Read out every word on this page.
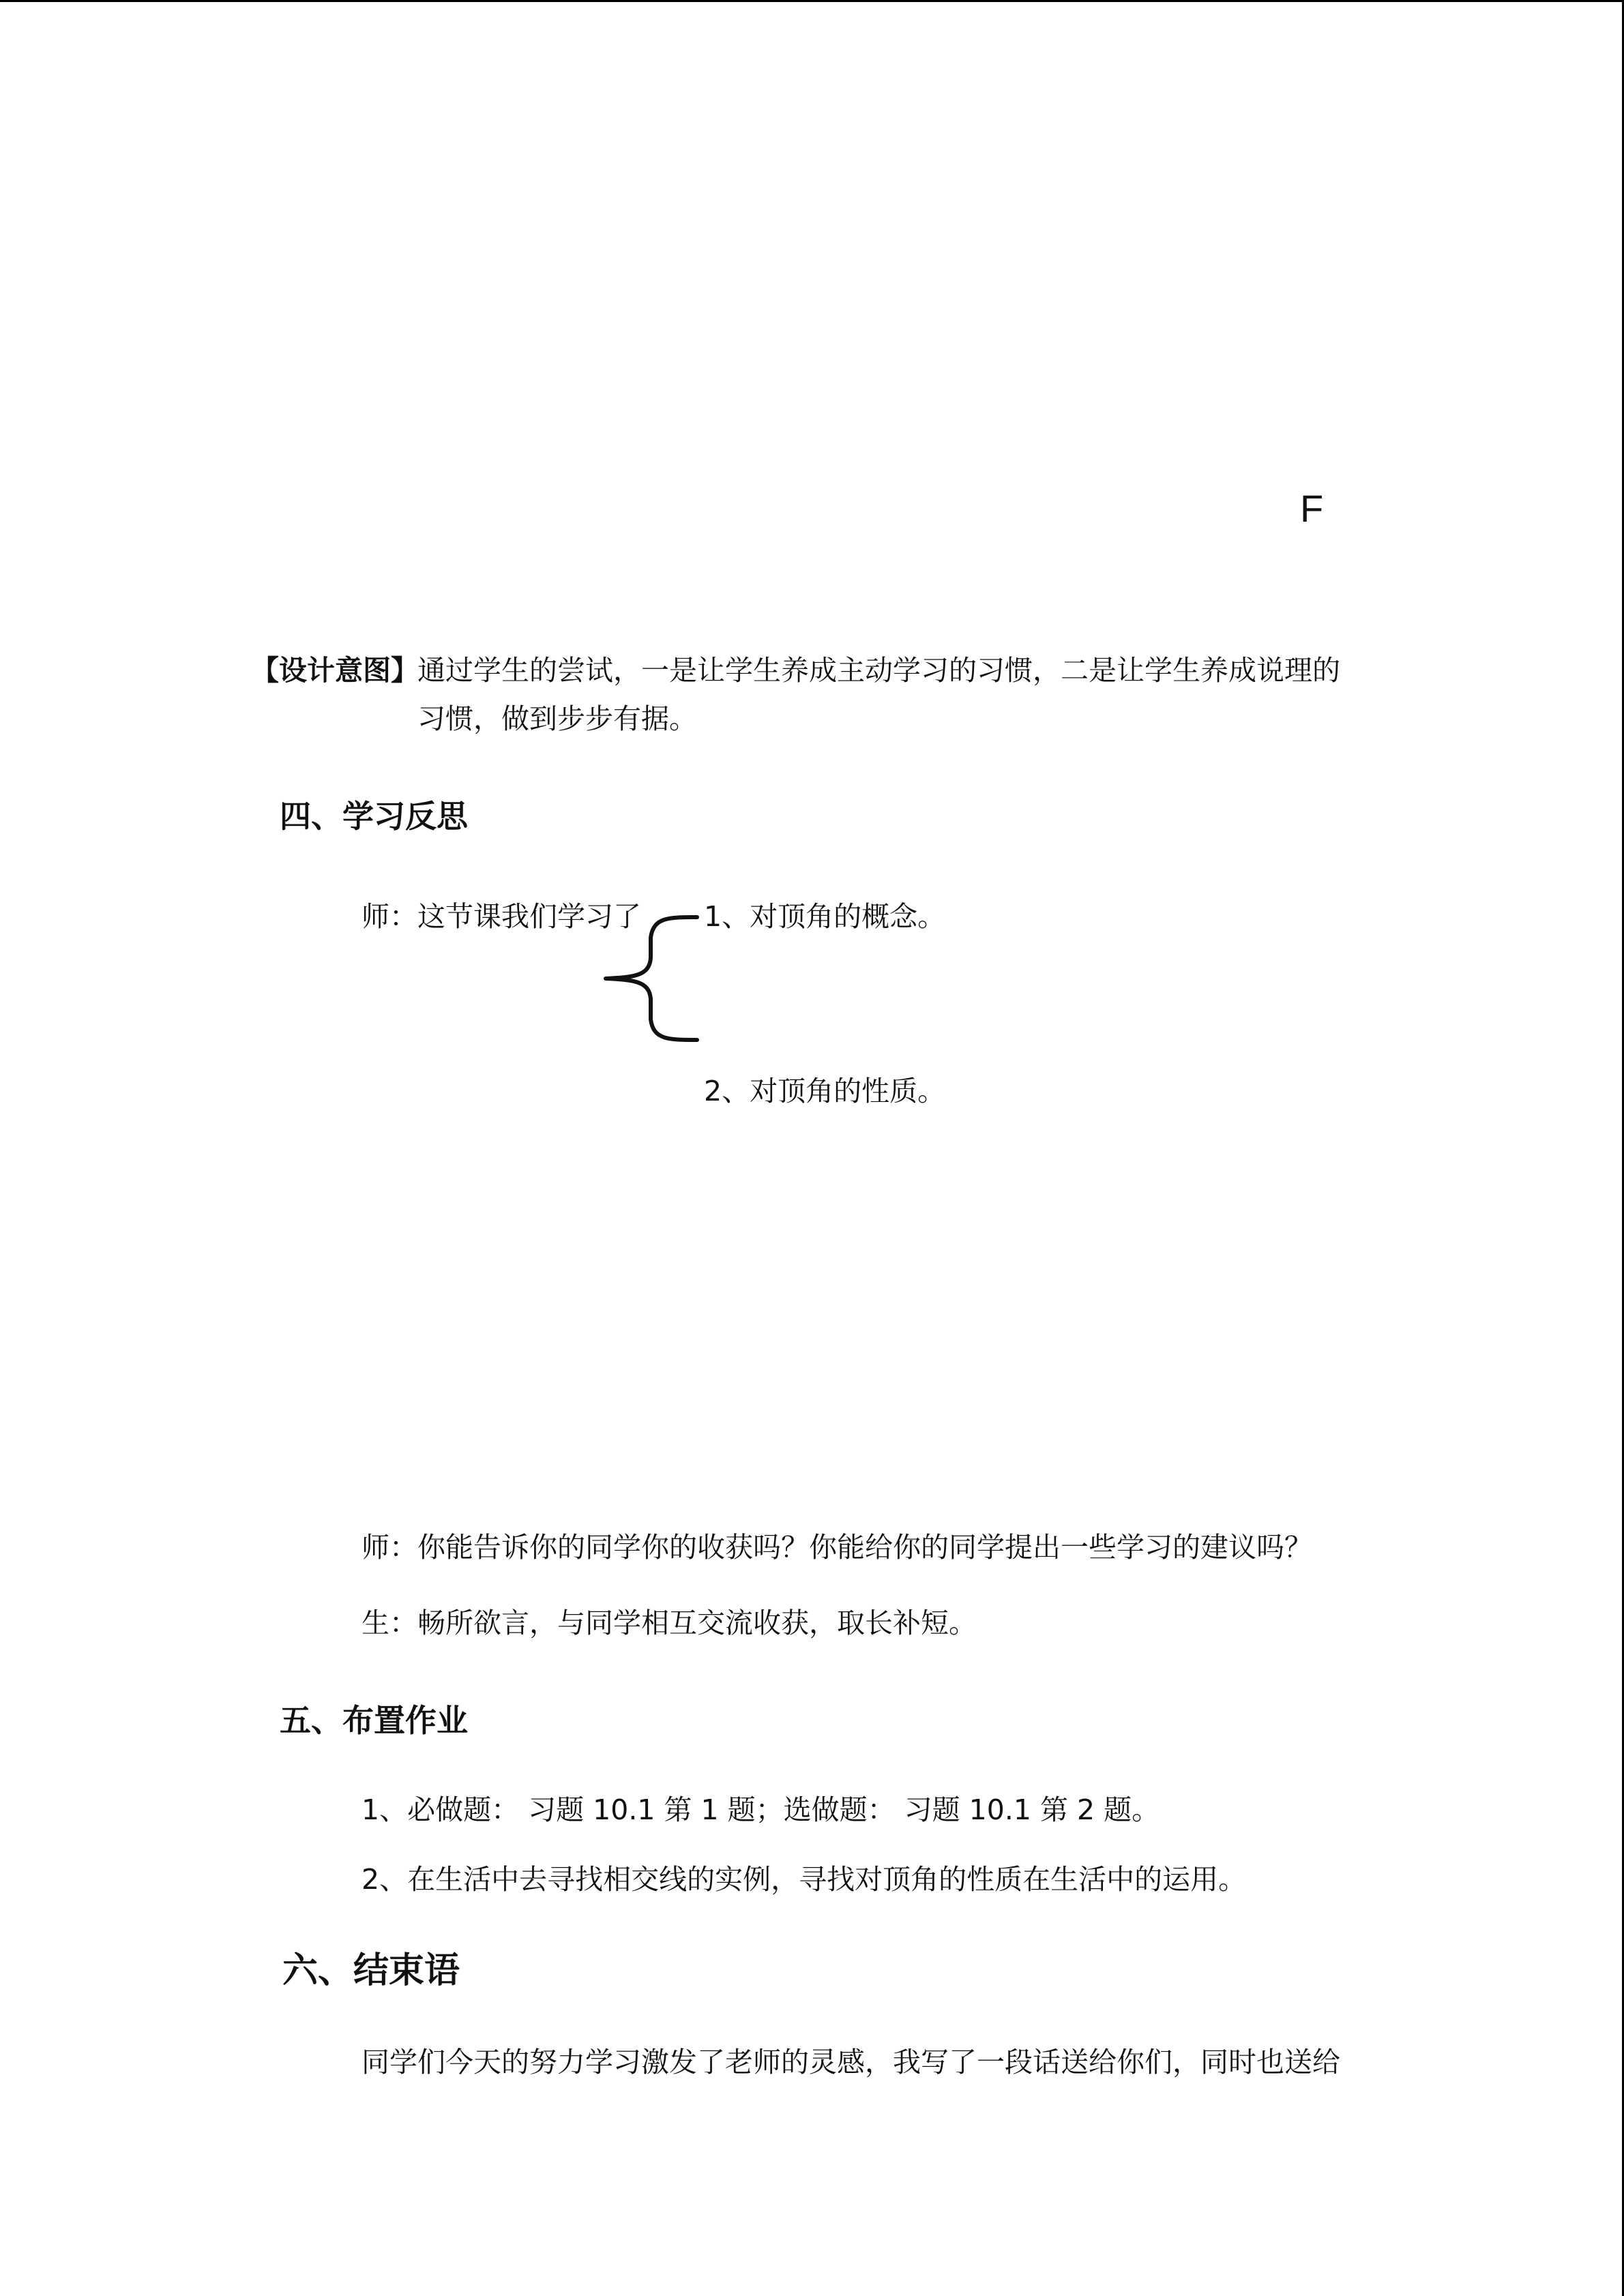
F
【设计意图】
通过学生的尝试，一是让学生养成主动学习的习惯，二是让学生养成说理的
习惯，做到步步有据。
四、学习反思
师：这节课我们学习了 1、对顶角的概念。
2、对顶角的性质。
师：你能告诉你的同学你的收获吗？你能给你的同学提出一些学习的建议吗？
生：畅所欲言，与同学相互交流收获，取长补短。
五、布置作业
1、必做题： 习题 10.1 第 1 题；选做题： 习题 10.1 第 2 题。
2、在生活中去寻找相交线的实例，寻找对顶角的性质在生活中的运用。
六、结束语
同学们今天的努力学习激发了老师的灵感，我写了一段话送给你们，同时也送给
